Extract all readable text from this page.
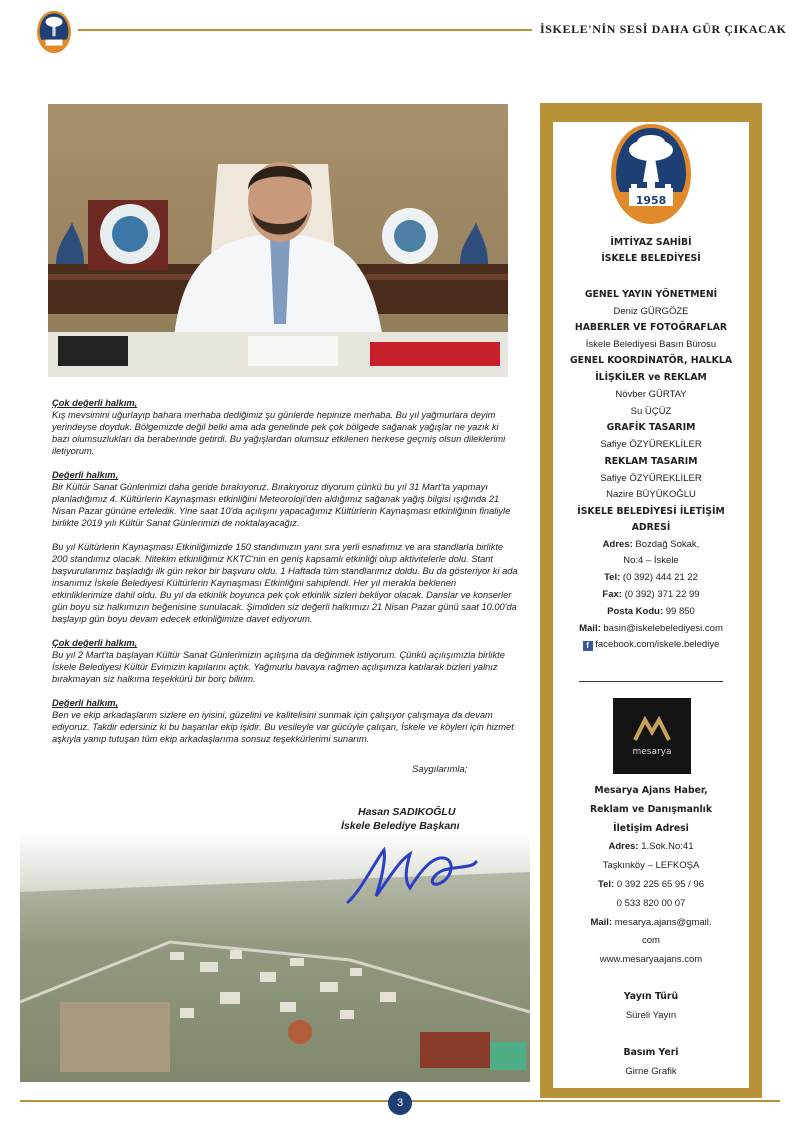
İSKELE'NİN SESİ DAHA GÜR ÇIKACAK

Çok değerli halkım,
Kış mevsimini uğurlayıp bahara merhaba dediğimiz şu günlerde hepinize merhaba. Bu yıl yağmurlara deyim yerindeyse doyduk. Bölgemizde değil belki ama ada genelinde pek çok bölgede sağanak yağışlar ne yazık ki bazı olumsuzlukları da beraberinde getirdi. Bu yağışlardan olumsuz etkilenen herkese geçmiş olsun dileklerimi iletiyorum.

Değerli halkım,
Bir Kültür Sanat Günlerimizi daha geride bırakıyoruz. Bırakıyoruz diyorum çünkü bu yıl 31 Mart'ta yapmayı planladığımız 4. Kültürlerin Kaynaşması etkinliğini Meteoroloji'den aldığımız sağanak yağış bilgisi ışığında 21 Nisan Pazar gününe erteledik. Yine saat 10'da açılışını yapacağımız Kültürlerin Kaynaşması etkinliğinin finaliyle birlikte 2019 yılı Kültür Sanat Günlerimizi de noktalayacağız.

Bu yıl Kültürlerin Kaynaşması Etkinliğimizde 150 standımızın yanı sıra yerli esnafımız ve ara standlarla birlikte 200 standımız olacak. Nitekim etkinliğimiz KKTC'nin en geniş kapsamlı etkinliği olup aktivitelerle dolu. Stant başvurularımız başladığı ilk gün rekor bir başvuru oldu. 1 Haftada tüm standlarımız doldu. Bu da gösteriyor ki ada insanımız İskele Belediyesi Kültürlerin Kaynaşması Etkinliğini sahiplendi. Her yıl merakla beklenen etkinliklerimize dahil oldu. Bu yıl da etkinlik boyunca pek çok etkinlik sizleri bekliyor olacak. Danslar ve konserler gün boyu siz halkımızın beğenisine sunulacak. Şimdiden siz değerli halkımızı 21 Nisan Pazar günü saat 10.00'da başlayıp gün boyu devam edecek etkinliğimize davet ediyorum.

Çok değerli halkım,
Bu yıl 2 Mart'ta başlayan Kültür Sanat Günlerimizin açılışına da değinmek istiyorum. Çünkü açılışımızla birlikte İskele Belediyesi Kültür Evimizin kapılarını açtık. Yağmurlu havaya rağmen açılışımıza katılarak bizleri yalnız bırakmayan siz halkıma teşekkürü bir borç bilirim.

Değerli halkım,
Ben ve ekip arkadaşlarım sizlere en iyisini, güzelini ve kalitelisini sunmak için çalışıyor çalışmaya da devam ediyoruz. Takdir edersiniz ki bu başarılar ekip işidir. Bu vesileyle var gücüyle çalışan, İskele ve köyleri için hizmet aşkıyla yanıp tutuşan tüm ekip arkadaşlarıma sonsuz teşekkürlerimi sunarım.

Saygılarımla;
Hasan SADIKOĞLU
İskele Belediye Başkanı
1958
İMTİYAZ SAHİBİ
İSKELE BELEDİYESİ
GENEL YAYIN YÖNETMENİ
Deniz GÜRGÖZE
HABERLER VE FOTOĞRAFLAR
İskele Belediyesi Basın Bürosu
GENEL KOORDİNATÖR, HALKLA
İLİŞKİLER ve REKLAM
Növber GÜRTAY
Su ÜÇÜZ
GRAFİK TASARIM
Safiye ÖZYÜREKLİLER
REKLAM TASARIM
Safiye ÖZYÜREKLİLER
Nazire BÜYÜKOĞLU
İSKELE BELEDİYESİ İLETİŞİM
ADRESİ
Adres: Bozdağ Sokak,
No:4 – İskele
Tel: (0 392) 444 21 22
Fax: (0 392) 371 22 99
Posta Kodu: 99 850
Mail: basin@iskelebelediyesi.com
f facebook.com/iskele.belediye
mesarya
Mesarya Ajans Haber,
Reklam ve Danışmanlık
İletişim Adresi
Adres: 1.Sok.No:41
Taşkınköy – LEFKOŞA
Tel: 0 392 225 65 95 / 96
0 533 820 00 07
Mail: mesarya.ajans@gmail.
com
www.mesaryaajans.com
Yayın Türü
Süreli Yayın
Basım Yeri
Girne Grafik
3
